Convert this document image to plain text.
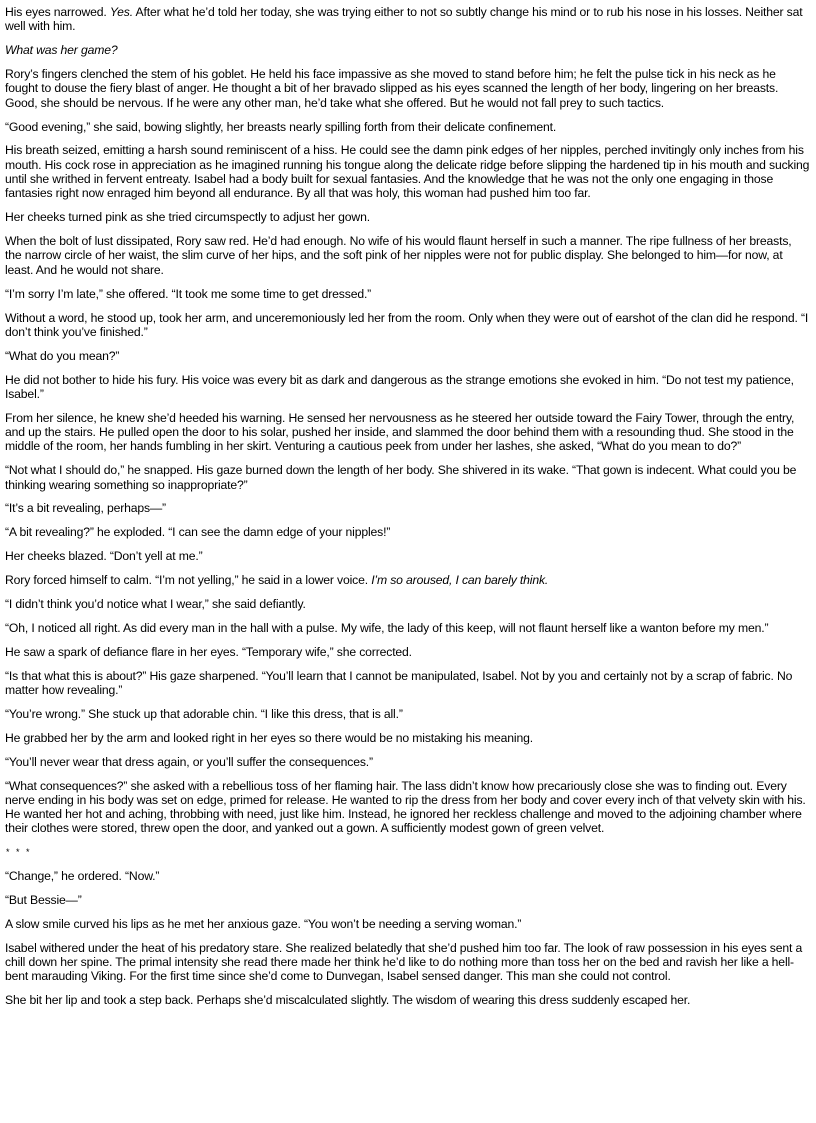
His eyes narrowed. Yes. After what he’d told her today, she was trying either to not so subtly change his mind or to rub his nose in his losses. Neither sat well with him.

What was her game?

Rory’s fingers clenched the stem of his goblet. He held his face impassive as she moved to stand before him; he felt the pulse tick in his neck as he fought to douse the fiery blast of anger. He thought a bit of her bravado slipped as his eyes scanned the length of her body, lingering on her breasts. Good, she should be nervous. If he were any other man, he’d take what she offered. But he would not fall prey to such tactics.

“Good evening,” she said, bowing slightly, her breasts nearly spilling forth from their delicate confinement.

His breath seized, emitting a harsh sound reminiscent of a hiss. He could see the damn pink edges of her nipples, perched invitingly only inches from his mouth. His cock rose in appreciation as he imagined running his tongue along the delicate ridge before slipping the hardened tip in his mouth and sucking until she writhed in fervent entreaty. Isabel had a body built for sexual fantasies. And the knowledge that he was not the only one engaging in those fantasies right now enraged him beyond all endurance. By all that was holy, this woman had pushed him too far.

Her cheeks turned pink as she tried circumspectly to adjust her gown.

When the bolt of lust dissipated, Rory saw red. He’d had enough. No wife of his would flaunt herself in such a manner. The ripe fullness of her breasts, the narrow circle of her waist, the slim curve of her hips, and the soft pink of her nipples were not for public display. She belonged to him—for now, at least. And he would not share.

“I’m sorry I’m late,” she offered. “It took me some time to get dressed.”

Without a word, he stood up, took her arm, and unceremoniously led her from the room. Only when they were out of earshot of the clan did he respond. “I don’t think you’ve finished.”

“What do you mean?”

He did not bother to hide his fury. His voice was every bit as dark and dangerous as the strange emotions she evoked in him. “Do not test my patience, Isabel.”

From her silence, he knew she’d heeded his warning. He sensed her nervousness as he steered her outside toward the Fairy Tower, through the entry, and up the stairs. He pulled open the door to his solar, pushed her inside, and slammed the door behind them with a resounding thud. She stood in the middle of the room, her hands fumbling in her skirt. Venturing a cautious peek from under her lashes, she asked, “What do you mean to do?”

“Not what I should do,” he snapped. His gaze burned down the length of her body. She shivered in its wake. “That gown is indecent. What could you be thinking wearing something so inappropriate?”

“It’s a bit revealing, perhaps—”

“A bit revealing?” he exploded. “I can see the damn edge of your nipples!”

Her cheeks blazed. “Don’t yell at me.”

Rory forced himself to calm. “I’m not yelling,” he said in a lower voice. I’m so aroused, I can barely think.

“I didn’t think you’d notice what I wear,” she said defiantly.

“Oh, I noticed all right. As did every man in the hall with a pulse. My wife, the lady of this keep, will not flaunt herself like a wanton before my men.”

He saw a spark of defiance flare in her eyes. “Temporary wife,” she corrected.

“Is that what this is about?” His gaze sharpened. “You’ll learn that I cannot be manipulated, Isabel. Not by you and certainly not by a scrap of fabric. No matter how revealing.”

“You’re wrong.” She stuck up that adorable chin. “I like this dress, that is all.”

He grabbed her by the arm and looked right in her eyes so there would be no mistaking his meaning.

“You’ll never wear that dress again, or you’ll suffer the consequences.”

“What consequences?” she asked with a rebellious toss of her flaming hair. The lass didn’t know how precariously close she was to finding out. Every nerve ending in his body was set on edge, primed for release. He wanted to rip the dress from her body and cover every inch of that velvety skin with his. He wanted her hot and aching, throbbing with need, just like him. Instead, he ignored her reckless challenge and moved to the adjoining chamber where their clothes were stored, threw open the door, and yanked out a gown. A sufficiently modest gown of green velvet.

* * *

“Change,” he ordered. “Now.”

“But Bessie—”

A slow smile curved his lips as he met her anxious gaze. “You won’t be needing a serving woman.”

Isabel withered under the heat of his predatory stare. She realized belatedly that she’d pushed him too far. The look of raw possession in his eyes sent a chill down her spine. The primal intensity she read there made her think he’d like to do nothing more than toss her on the bed and ravish her like a hell-bent marauding Viking. For the first time since she’d come to Dunvegan, Isabel sensed danger. This man she could not control.

She bit her lip and took a step back. Perhaps she’d miscalculated slightly. The wisdom of wearing this dress suddenly escaped her.
